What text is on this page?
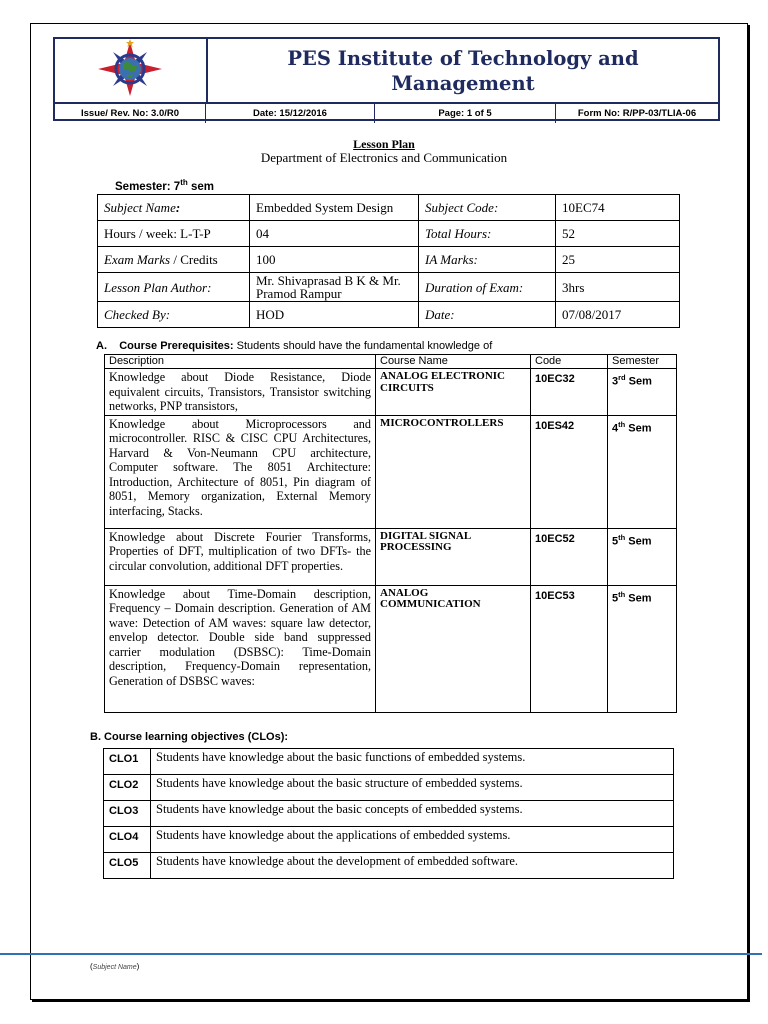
PES Institute of Technology and Management
Issue/ Rev. No: 3.0/R0	Date: 15/12/2016	Page: 1 of 5	Form No: R/PP-03/TLIA-06
Lesson Plan
Department of Electronics and Communication
Semester: 7th sem
Subject Name:	Embedded System Design	Subject Code:	10EC74
Hours / week: L-T-P	04	Total Hours:	52
Exam Marks / Credits	100	IA Marks:	25
Lesson Plan Author:	Mr. Shivaprasad B K & Mr. Pramod Rampur	Duration of Exam:	3hrs
Checked By:	HOD	Date:	07/08/2017
A. Course Prerequisites: Students should have the fundamental knowledge of
Description	Course Name	Code	Semester
Knowledge about Diode Resistance, Diode equivalent circuits, Transistors, Transistor switching networks, PNP transistors,	ANALOG ELECTRONIC CIRCUITS	10EC32	3rd Sem
Knowledge about Microprocessors and microcontroller. RISC & CISC CPU Architectures, Harvard & Von-Neumann CPU architecture, Computer software. The 8051 Architecture: Introduction, Architecture of 8051, Pin diagram of 8051, Memory organization, External Memory interfacing, Stacks.	MICROCONTROLLERS	10ES42	4th Sem
Knowledge about Discrete Fourier Transforms, Properties of DFT, multiplication of two DFTs- the circular convolution, additional DFT properties.	DIGITAL SIGNAL PROCESSING	10EC52	5th Sem
Knowledge about Time-Domain description, Frequency – Domain description. Generation of AM wave: Detection of AM waves: square law detector, envelop detector. Double side band suppressed carrier modulation (DSBSC): Time-Domain description, Frequency-Domain representation, Generation of DSBSC waves:	ANALOG COMMUNICATION	10EC53	5th Sem
B. Course learning objectives (CLOs):
CLO1	Students have knowledge about the basic functions of embedded systems.
CLO2	Students have knowledge about the basic structure of embedded systems.
CLO3	Students have knowledge about the basic concepts of embedded systems.
CLO4	Students have knowledge about the applications of embedded systems.
CLO5	Students have knowledge about the development of embedded software.
(Subject Name)
